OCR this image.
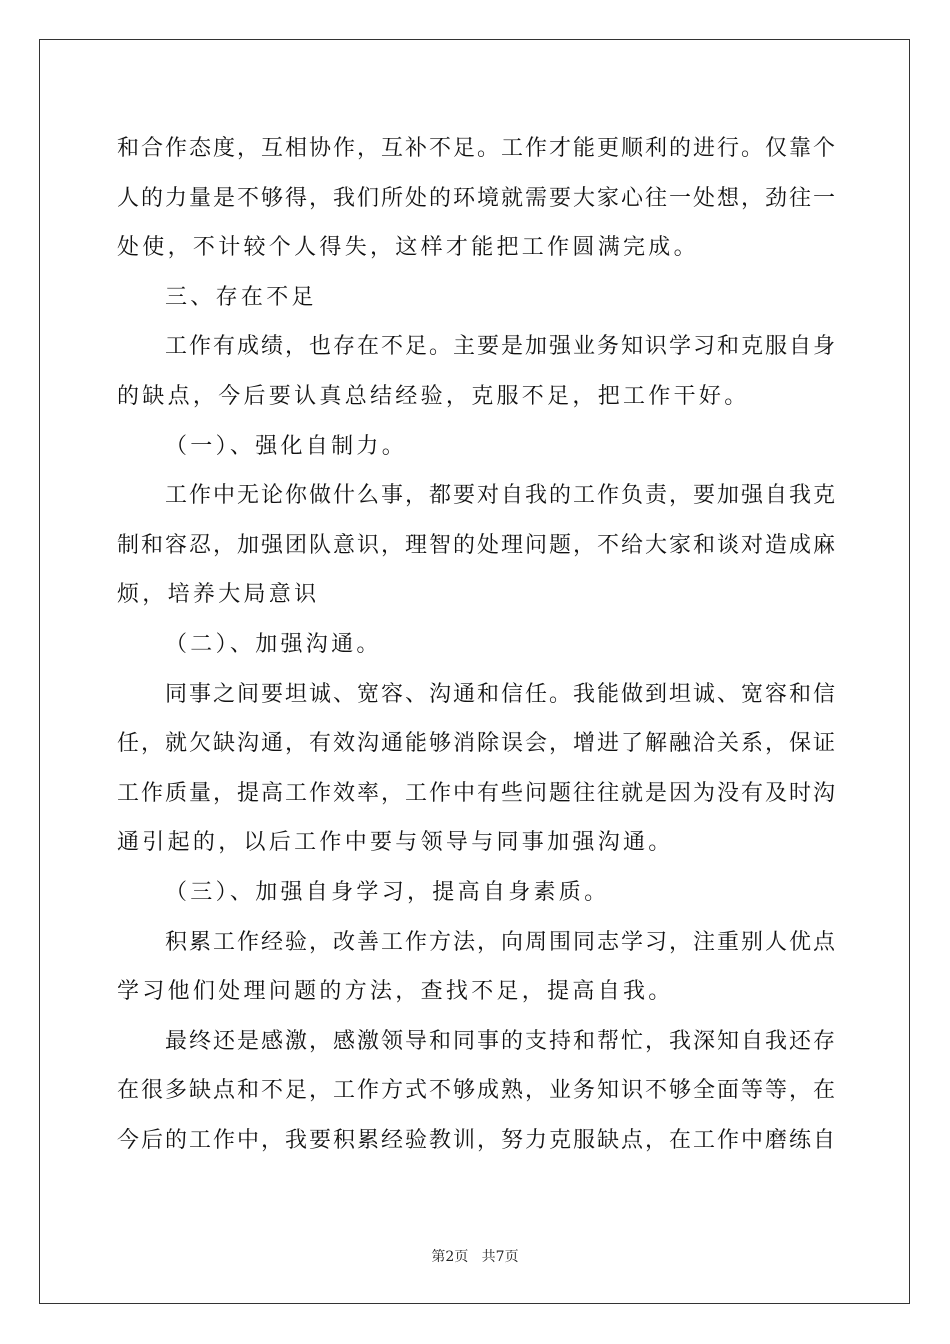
和合作态度，互相协作，互补不足。工作才能更顺利的进行。仅靠个
人的力量是不够得，我们所处的环境就需要大家心往一处想，劲往一
处使，不计较个人得失，这样才能把工作圆满完成。
三、存在不足
工作有成绩，也存在不足。主要是加强业务知识学习和克服自身
的缺点，今后要认真总结经验，克服不足，把工作干好。
（一）、强化自制力。
工作中无论你做什么事，都要对自我的工作负责，要加强自我克
制和容忍，加强团队意识，理智的处理问题，不给大家和谈对造成麻
烦，培养大局意识
（二）、加强沟通。
同事之间要坦诚、宽容、沟通和信任。我能做到坦诚、宽容和信
任，就欠缺沟通，有效沟通能够消除误会，增进了解融洽关系，保证
工作质量，提高工作效率，工作中有些问题往往就是因为没有及时沟
通引起的，以后工作中要与领导与同事加强沟通。
（三）、加强自身学习，提高自身素质。
积累工作经验，改善工作方法，向周围同志学习，注重别人优点
学习他们处理问题的方法，查找不足，提高自我。
最终还是感激，感激领导和同事的支持和帮忙，我深知自我还存
在很多缺点和不足，工作方式不够成熟，业务知识不够全面等等，在
今后的工作中，我要积累经验教训，努力克服缺点，在工作中磨练自
第2页   共7页
